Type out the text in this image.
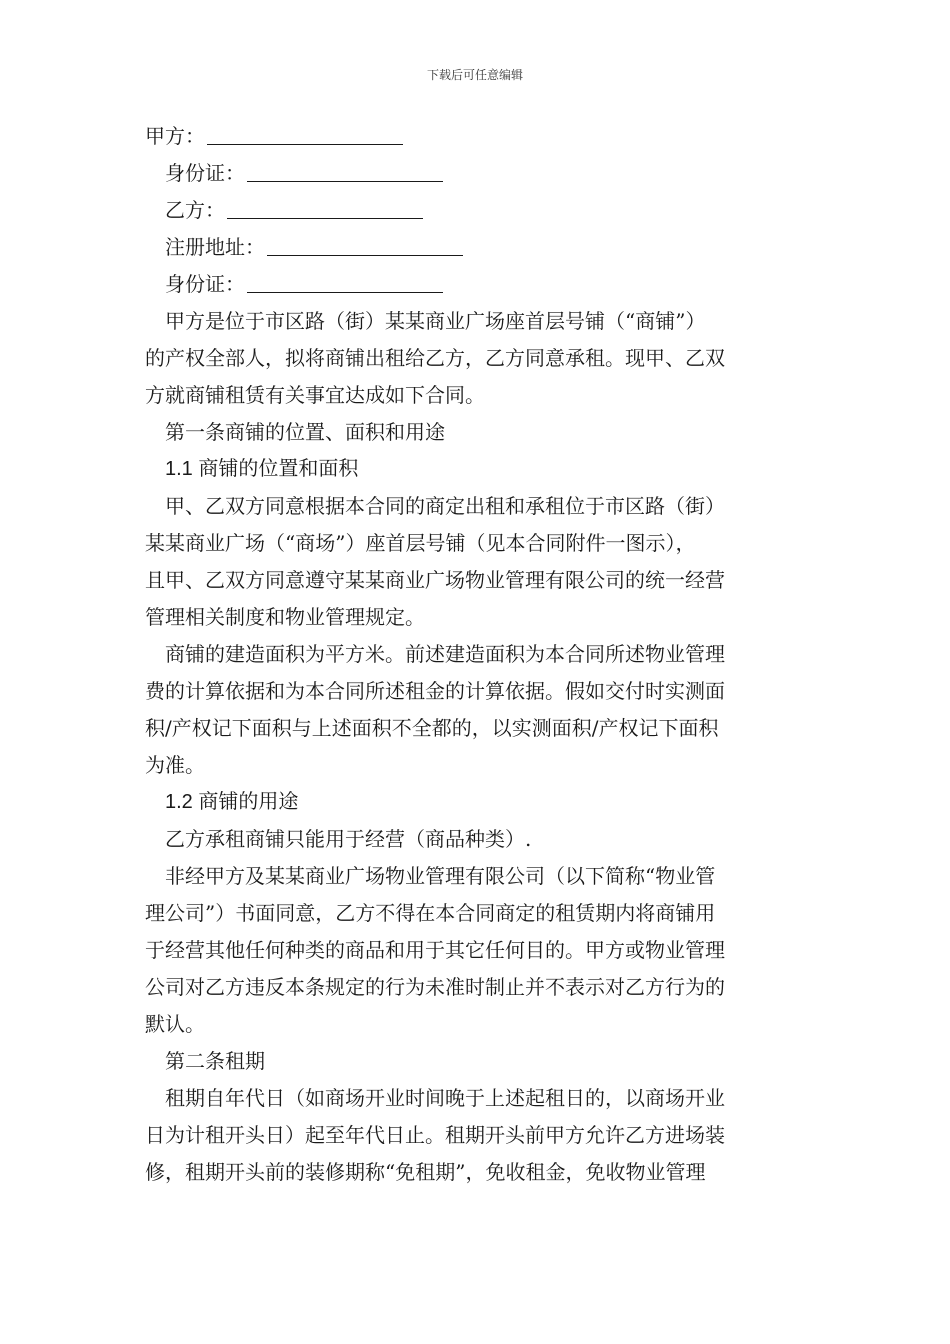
下载后可任意编辑
甲方：
身份证：
乙方：
注册地址：
身份证：
甲方是位于市区路（街）某某商业广场座首层号铺（“商铺”）
的产权全部人，拟将商铺出租给乙方，乙方同意承租。现甲、乙双
方就商铺租赁有关事宜达成如下合同。
第一条商铺的位置、面积和用途
1.1 商铺的位置和面积
甲、乙双方同意根据本合同的商定出租和承租位于市区路（街）
某某商业广场（“商场”）座首层号铺（见本合同附件一图示），
且甲、乙双方同意遵守某某商业广场物业管理有限公司的统一经营
管理相关制度和物业管理规定。
商铺的建造面积为平方米。前述建造面积为本合同所述物业管理
费的计算依据和为本合同所述租金的计算依据。假如交付时实测面
积/产权记下面积与上述面积不全都的，以实测面积/产权记下面积
为准。
1.2 商铺的用途
乙方承租商铺只能用于经营（商品种类）.
非经甲方及某某商业广场物业管理有限公司（以下简称“物业管
理公司”）书面同意，乙方不得在本合同商定的租赁期内将商铺用
于经营其他任何种类的商品和用于其它任何目的。甲方或物业管理
公司对乙方违反本条规定的行为未准时制止并不表示对乙方行为的
默认。
第二条租期
租期自年代日（如商场开业时间晚于上述起租日的，以商场开业
日为计租开头日）起至年代日止。租期开头前甲方允许乙方进场装
修，租期开头前的装修期称“免租期”，免收租金，免收物业管理
